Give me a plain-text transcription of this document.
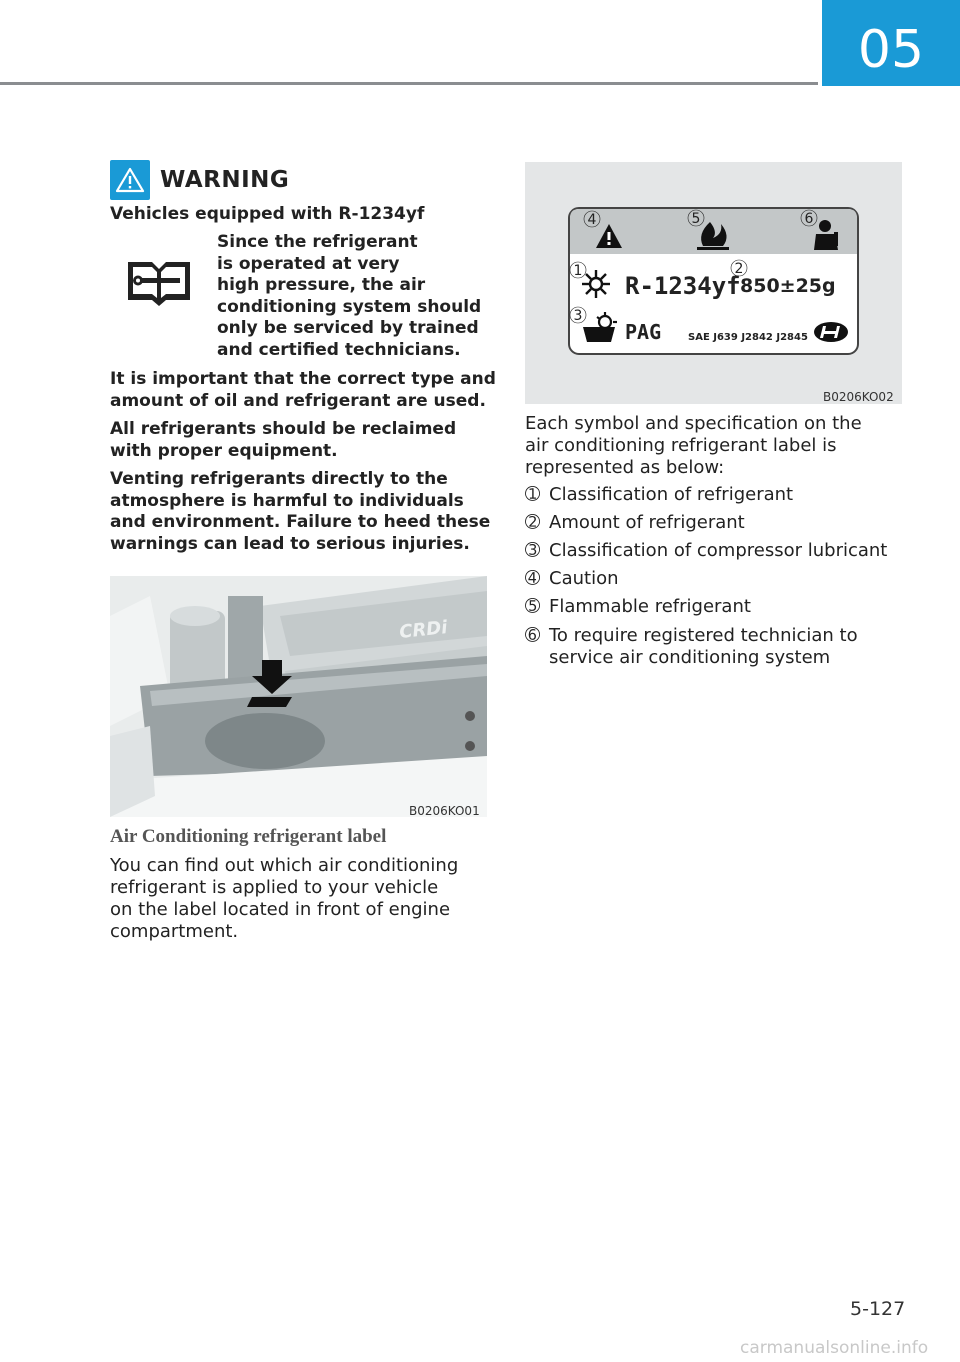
05
WARNING
Vehicles equipped with R-1234yf
Since the refrigerant
is operated at very
high pressure, the air
conditioning system should
only be serviced by trained
and certified technicians.
It is important that the correct type and
amount of oil and refrigerant are used.
All refrigerants should be reclaimed
with proper equipment.
Venting refrigerants directly to the
atmosphere is harmful to individuals
and environment. Failure to heed these
warnings can lead to serious injuries.
CRDi
B0206KO01
Air Conditioning refrigerant label
You can find out which air conditioning
refrigerant is applied to your vehicle
on the label located in front of engine
compartment.
R-1234yf 850±25g
PAG	SAE J639 J2842 J2845
4	5	6
1	2
3
B0206KO02
Each symbol and specification on the
air conditioning refrigerant label is
represented as below:
➀ Classification of refrigerant
➁ Amount of refrigerant
➂ Classification of compressor lubricant
➃ Caution
➄ Flammable refrigerant
➅ To require registered technician to
service air conditioning system
5-127
carmanualsonline.info
